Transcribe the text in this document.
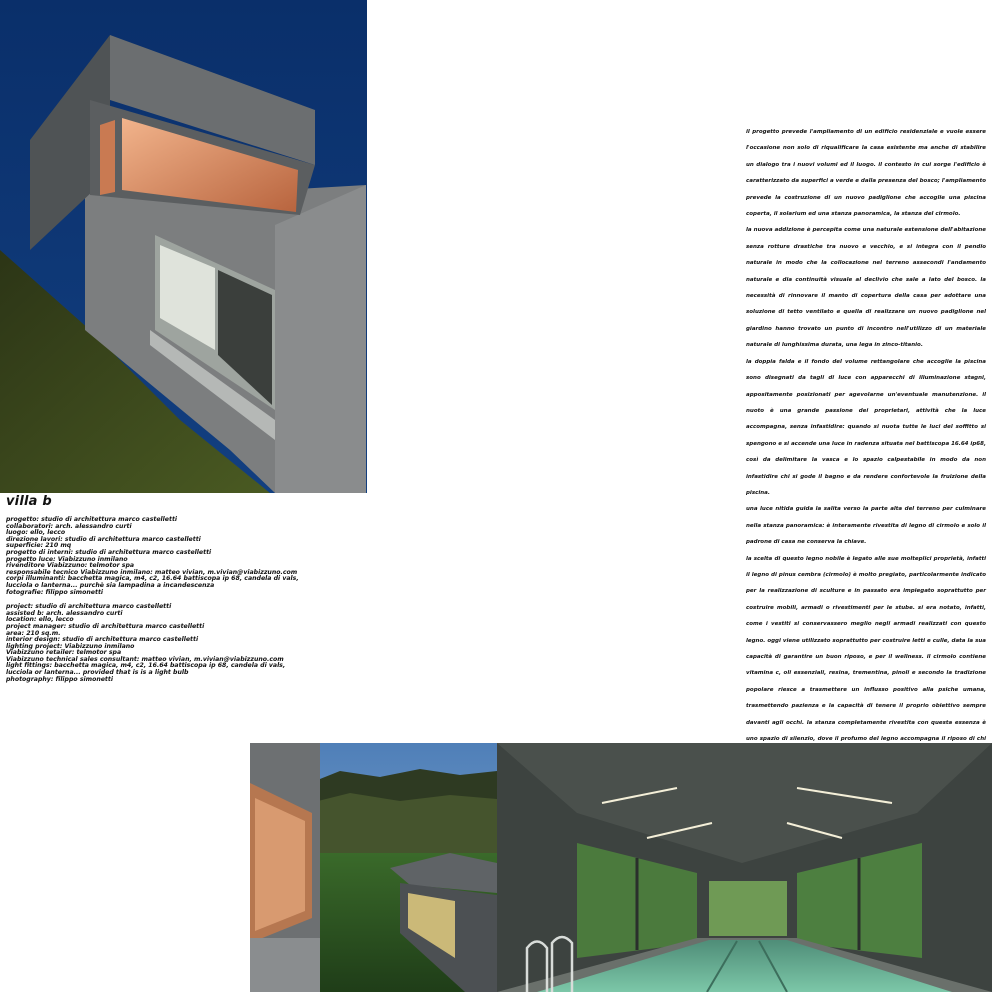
villa b

progetto: studio di architettura marco castelletti

collaboratori: arch. alessandro curti

luogo: ello, lecco

direzione lavori: studio di architettura marco castelletti

superficie: 210 mq

progetto di interni: studio di architettura marco castelletti

progetto luce: Viabizzuno inmilano

rivenditore Viabizzuno: telmotor spa

responsabile tecnico Viabizzuno inmilano: matteo vivian, m.vivian@viabizzuno.com

corpi illuminanti: bacchetta magica, m4, c2, 16.64 battiscopa ip 68, candela di vals,

lucciola o lanterna... purchè sia lampadina a incandescenza

fotografie: filippo simonetti

project: studio di architettura marco castelletti

assisted b: arch. alessandro curti

location: ello, lecco

project manager: studio di architettura marco castelletti

area: 210 sq.m.

interior design: studio di architettura marco castelletti

lighting project: Viabizzuno inmilano

Viabizzuno retailer: telmotor spa

Viabizzuno technical sales consultant: matteo vivian, m.vivian@viabizzuno.com

light fittings: bacchetta magica, m4, c2, 16.64 battiscopa ip 68, candela di vals,

lucciola or lanterna... provided that is is a light bulb

photography: filippo simonetti

il progetto prevede l'ampliamento di un edificio residenziale e vuole essere l'occasione non solo di riqualificare la casa esistente ma anche di stabilire un dialogo tra i nuovi volumi ed il luogo. il contesto in cui sorge l'edificio è caratterizzato da superfici a verde e dalla presenza del bosco; l'ampliamento prevede la costruzione di un nuovo padiglione che accoglie una piscina coperta, il solarium ed una stanza panoramica, la stanza del cirmolo.

la nuova addizione è percepita come una naturale estensione dell'abitazione senza rotture drastiche tra nuovo e vecchio, e si integra con il pendio naturale in modo che la collocazione nel terreno assecondi l'andamento naturale e dia continuità visuale al declivio che sale a lato del bosco. la necessità di rinnovare il manto di copertura della casa per adottare una soluzione di tetto ventilato e quella di realizzare un nuovo padiglione nel giardino hanno trovato un punto di incontro nell'utilizzo di un materiale naturale di lunghissima durata, una lega in zinco-titanio.

la doppia falda e il fondo del volume rettangolare che accoglie la piscina sono disegnati da tagli di luce con apparecchi di illuminazione stagni, appositamente posizionati per agevolarne un'eventuale manutenzione. il nuoto è una grande passione dei proprietari, attività che la luce accompagna, senza infastidire: quando si nuota tutte le luci del soffitto si spengono e si accende una luce in radenza situata nel battiscopa 16.64 ip68, così da delimitare la vasca e lo spazio calpestabile in modo da non infastidire chi si gode il bagno e da rendere confortevole la fruizione della piscina.

una luce nitida guida la salita verso la parte alta del terreno per culminare nella stanza panoramica: è interamente rivestita di legno di cirmolo e solo il padrone di casa ne conserva la chiave.

la scelta di questo legno nobile è legato alle sue molteplici proprietà, infatti il legno di pinus cembra (cirmolo) è molto pregiato, particolarmente indicato per la realizzazione di sculture e in passato era impiegato soprattutto per costruire mobili, armadi o rivestimenti per le stube. si era notato, infatti, come i vestiti si conservassero meglio negli armadi realizzati con questo legno. oggi viene utilizzato soprattutto per costruire letti e culle, data la sua capacità di garantire un buon riposo, e per il wellness. il cirmolo contiene vitamina c, oli essenziali, resina, trementina, pinoli e secondo la tradizione popolare riesce a trasmettere un influsso positivo alla psiche umana, trasmettendo pazienza e la capacità di tenere il proprio obiettivo sempre davanti agli occhi. la stanza completamente rivestita con questa essenza è uno spazio di silenzio, dove il profumo del legno accompagna il riposo di chi
